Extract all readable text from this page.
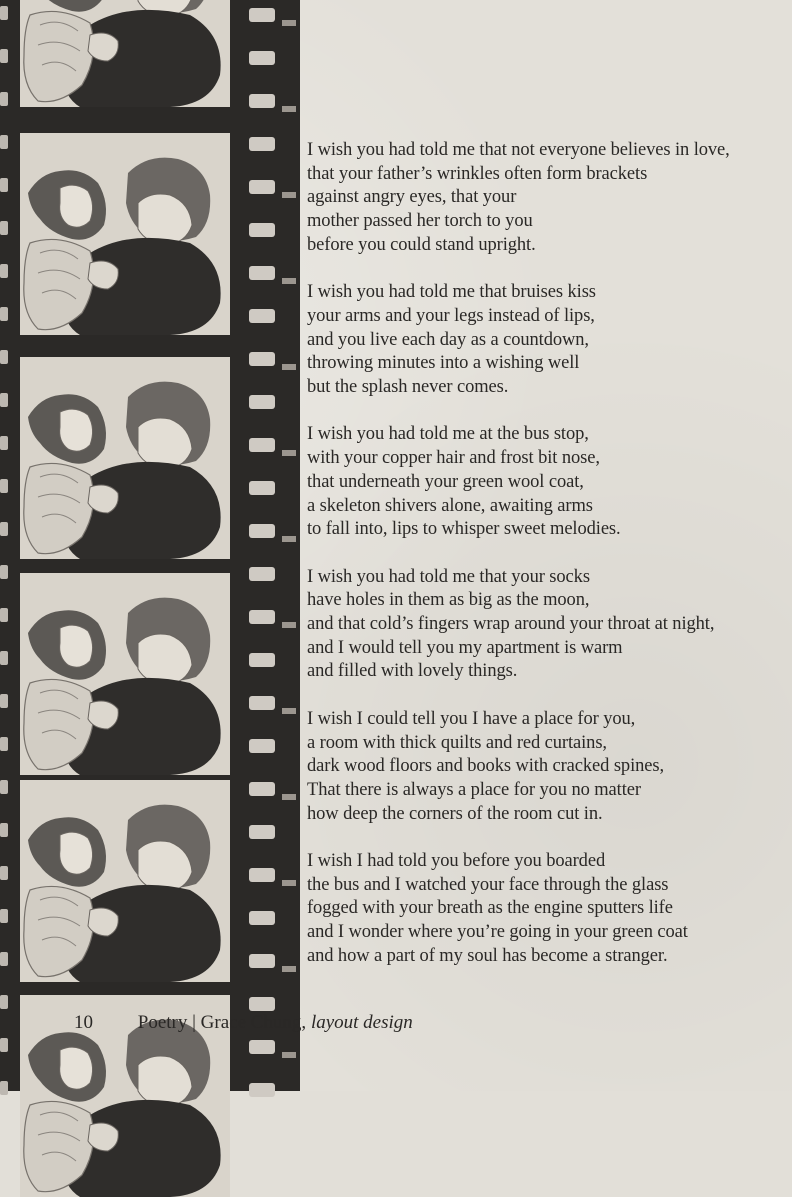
I wish you had told me that not everyone believes in love,
that your father’s wrinkles often form brackets
against angry eyes, that your
mother passed her torch to you
before you could stand upright.
I wish you had told me that bruises kiss
your arms and your legs instead of lips,
and you live each day as a countdown,
throwing minutes into a wishing well
but the splash never comes.
I wish you had told me at the bus stop,
with your copper hair and frost bit nose,
that underneath your green wool coat,
a skeleton shivers alone, awaiting arms
to fall into, lips to whisper sweet melodies.
I wish you had told me that your socks
have holes in them as big as the moon,
and that cold’s fingers wrap around your throat at night,
and I would tell you my apartment is warm
and filled with lovely things.
I wish I could tell you I have a place for you,
a room with thick quilts and red curtains,
dark wood floors and books with cracked spines,
That there is always a place for you no matter
how deep the corners of the room cut in.
I wish I had told you before you boarded
the bus and I watched your face through the glass
fogged with your breath as the engine sputters life
and I wonder where you’re going in your green coat
and how a part of my soul has become a stranger.
10 Poetry | Grace Chung, layout design
